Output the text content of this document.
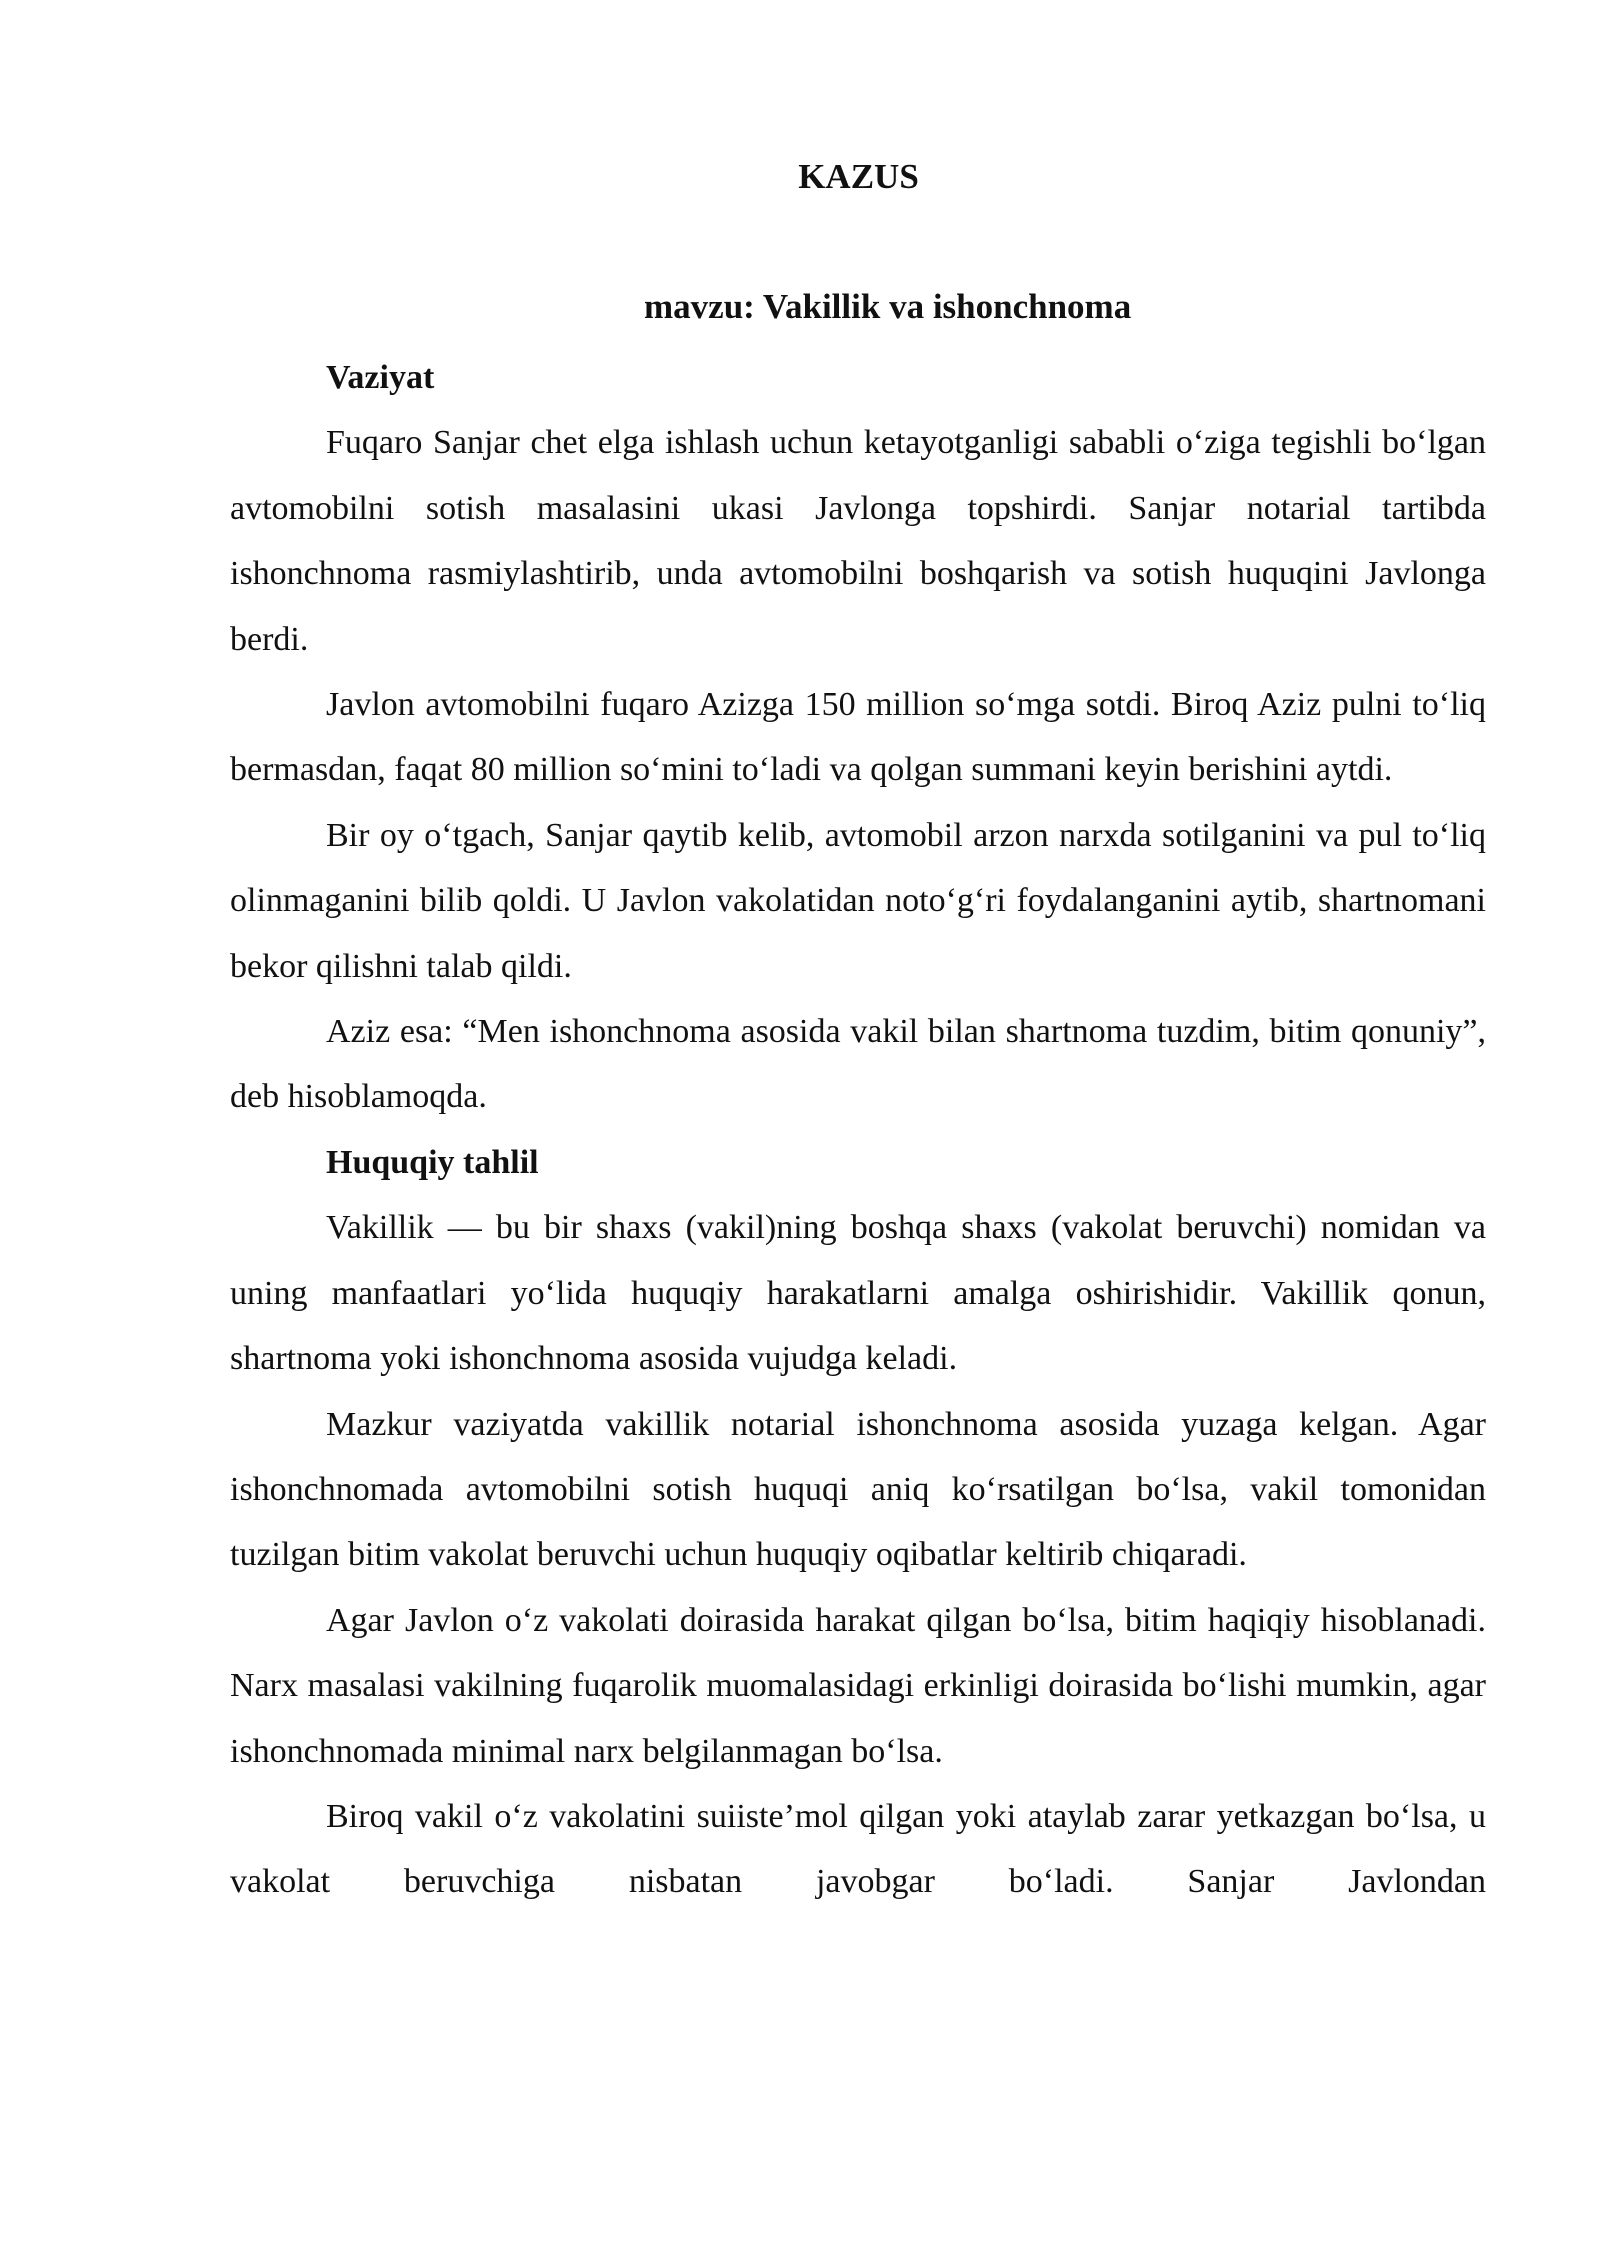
KAZUS
mavzu: Vakillik va ishonchnoma
Vaziyat

Fuqaro Sanjar chet elga ishlash uchun ketayotganligi sababli o‘ziga tegishli bo‘lgan avtomobilni sotish masalasini ukasi Javlonga topshirdi. Sanjar notarial tartibda ishonchnoma rasmiylashtirib, unda avtomobilni boshqarish va sotish huquqini Javlonga berdi.

Javlon avtomobilni fuqaro Azizga 150 million so‘mga sotdi. Biroq Aziz pulni to‘liq bermasdan, faqat 80 million so‘mini to‘ladi va qolgan summani keyin berishini aytdi.

Bir oy o‘tgach, Sanjar qaytib kelib, avtomobil arzon narxda sotilganini va pul to‘liq olinmaganini bilib qoldi. U Javlon vakolatidan noto‘g‘ri foydalanganini aytib, shartnomani bekor qilishni talab qildi.

Aziz esa: “Men ishonchnoma asosida vakil bilan shartnoma tuzdim, bitim qonuniy”, deb hisoblamoqda.

Huquqiy tahlil

Vakillik — bu bir shaxs (vakil)ning boshqa shaxs (vakolat beruvchi) nomidan va uning manfaatlari yo‘lida huquqiy harakatlarni amalga oshirishidir. Vakillik qonun, shartnoma yoki ishonchnoma asosida vujudga keladi.

Mazkur vaziyatda vakillik notarial ishonchnoma asosida yuzaga kelgan. Agar ishonchnomada avtomobilni sotish huquqi aniq ko‘rsatilgan bo‘lsa, vakil tomonidan tuzilgan bitim vakolat beruvchi uchun huquqiy oqibatlar keltirib chiqaradi.

Agar Javlon o‘z vakolati doirasida harakat qilgan bo‘lsa, bitim haqiqiy hisoblanadi. Narx masalasi vakilning fuqarolik muomalasidagi erkinligi doirasida bo‘lishi mumkin, agar ishonchnomada minimal narx belgilanmagan bo‘lsa.

Biroq vakil o‘z vakolatini suiiste’mol qilgan yoki ataylab zarar yetkazgan bo‘lsa, u vakolat beruvchiga nisbatan javobgar bo‘ladi. Sanjar Javlondan
